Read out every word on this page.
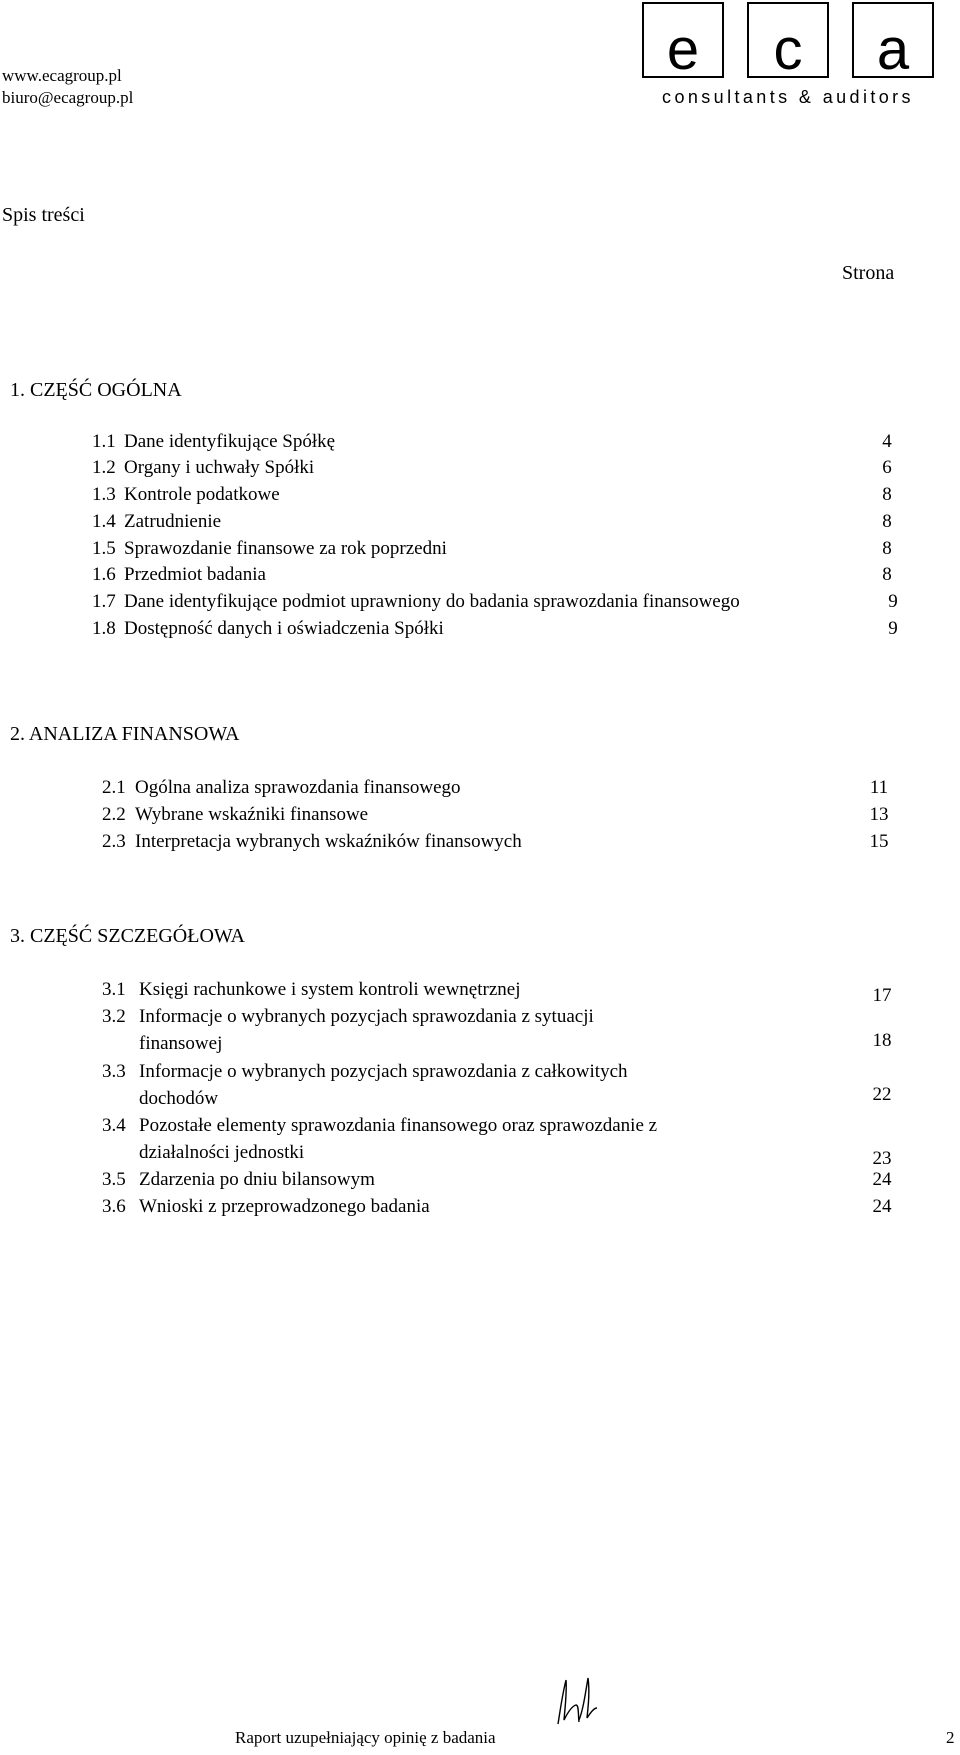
www.ecagroup.pl
biuro@ecagroup.pl
e	c	a
consultants & auditors
Spis treści
Strona
1. CZĘŚĆ OGÓLNA
1.1 Dane identyfikujące Spółkę	4
1.2 Organy i uchwały Spółki	6
1.3 Kontrole podatkowe	8
1.4 Zatrudnienie	8
1.5 Sprawozdanie finansowe za rok poprzedni	8
1.6 Przedmiot badania	8
1.7 Dane identyfikujące podmiot uprawniony do badania sprawozdania finansowego	9
1.8 Dostępność danych i oświadczenia Spółki	9
2. ANALIZA FINANSOWA
2.1 Ogólna analiza sprawozdania finansowego	11
2.2 Wybrane wskaźniki finansowe	13
2.3 Interpretacja wybranych wskaźników finansowych	15
3. CZĘŚĆ SZCZEGÓŁOWA
3.1 Księgi rachunkowe i system kontroli wewnętrznej	17
3.2 Informacje o wybranych pozycjach sprawozdania z sytuacji
finansowej	18
3.3 Informacje o wybranych pozycjach sprawozdania z całkowitych
dochodów	22
3.4 Pozostałe elementy sprawozdania finansowego oraz sprawozdanie z
działalności jednostki	23
3.5 Zdarzenia po dniu bilansowym	24
3.6 Wnioski z przeprowadzonego badania	24
Raport uzupełniający opinię z badania	2
